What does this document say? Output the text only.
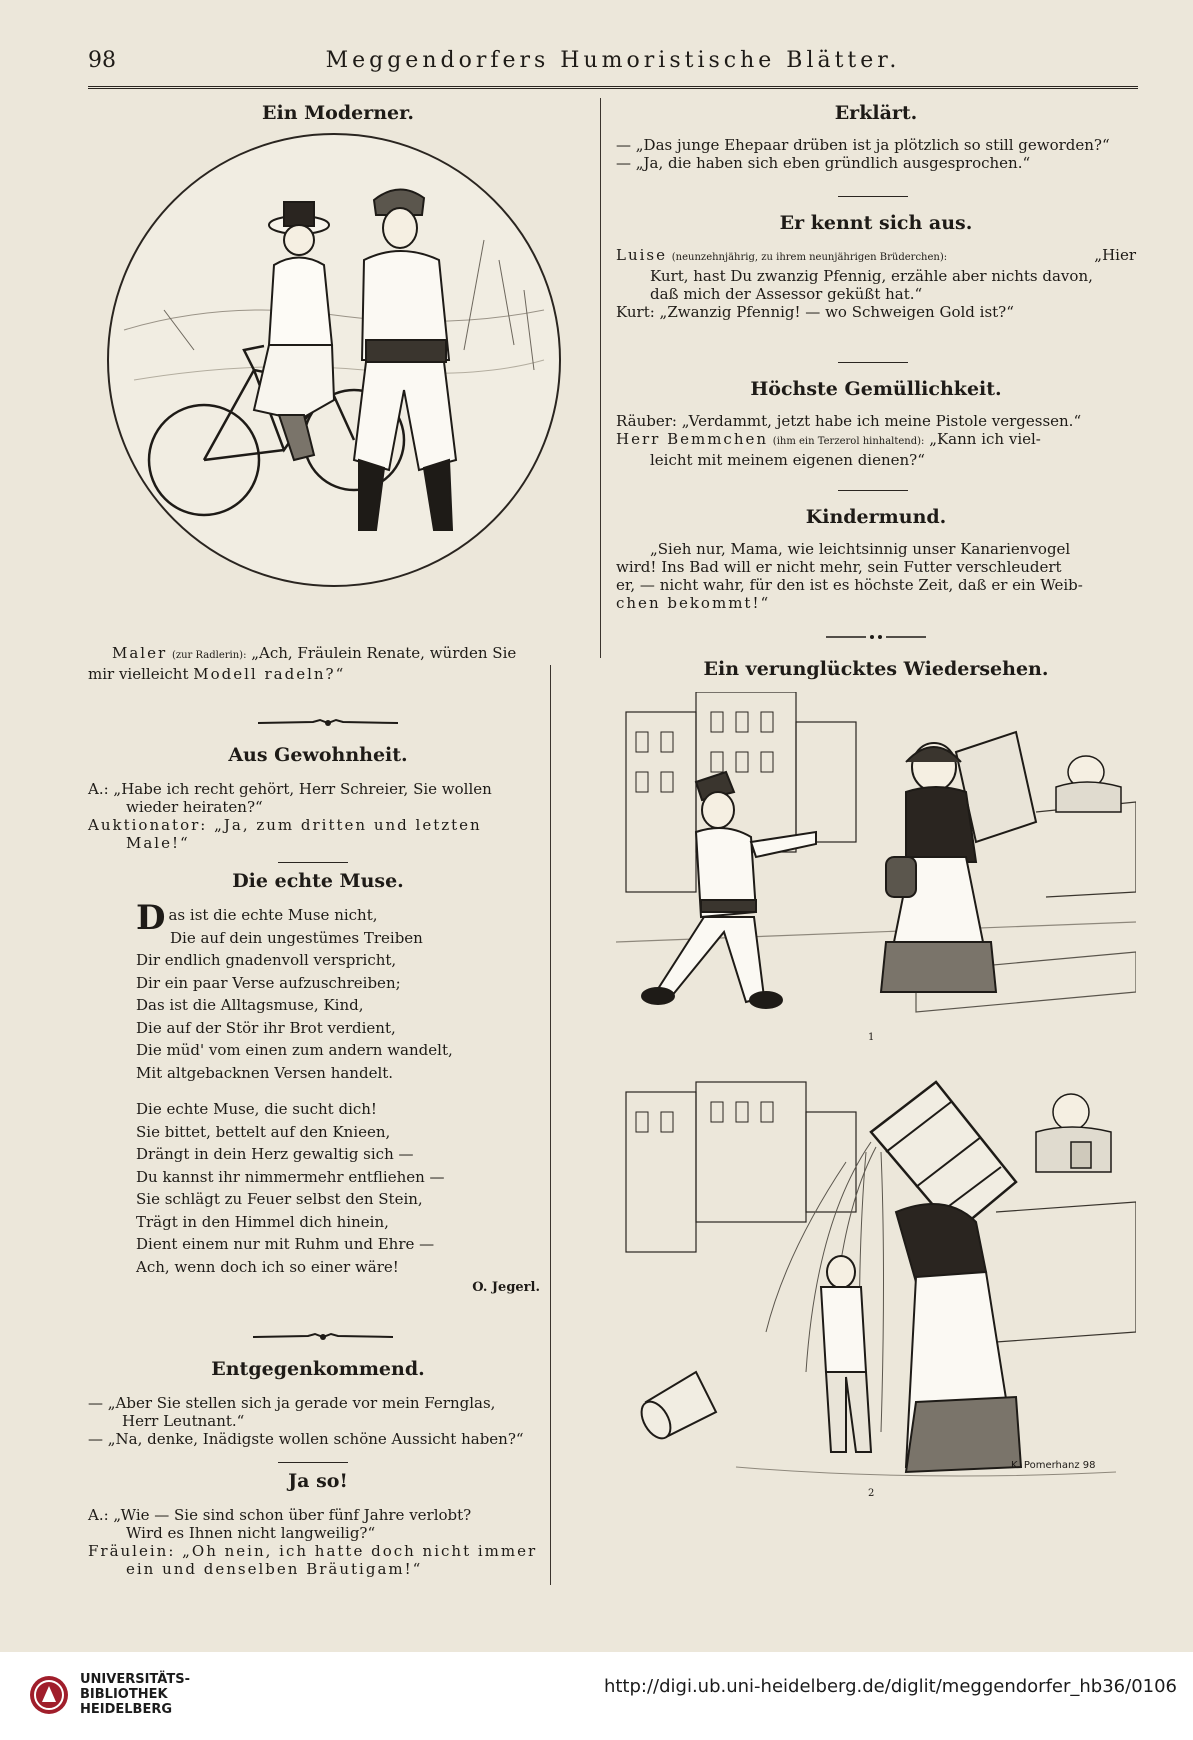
98	Meggendorfers Humoristische Blätter.
Ein Moderner.

Maler (zur Radlerin): „Ach, Fräulein Renate, würden Sie

mir vielleicht Modell radeln?“

Aus Gewohnheit.

A.: „Habe ich recht gehört, Herr Schreier, Sie wollen

wieder heiraten?“

Auktionator: „Ja, zum dritten und letzten

Male!“

Die echte Muse.
D as ist die echte Muse nicht,

Die auf dein ungestümes Treiben

Dir endlich gnadenvoll verspricht,

Dir ein paar Verse aufzuschreiben;

Das ist die Alltagsmuse, Kind,

Die auf der Stör ihr Brot verdient,

Die müd' vom einen zum andern wandelt,

Mit altgebacknen Versen handelt.

Die echte Muse, die sucht dich!

Sie bittet, bettelt auf den Knieen,

Drängt in dein Herz gewaltig sich —

Du kannst ihr nimmermehr entfliehen —

Sie schlägt zu Feuer selbst den Stein,

Trägt in den Himmel dich hinein,

Dient einem nur mit Ruhm und Ehre —

Ach, wenn doch ich so einer wäre!

O. Jegerl.

Entgegenkommend.

— „Aber Sie stellen sich ja gerade vor mein Fernglas,

Herr Leutnant.“

— „Na, denke, Inädigste wollen schöne Aussicht haben?“

Ja so!

A.: „Wie — Sie sind schon über fünf Jahre verlobt?

Wird es Ihnen nicht langweilig?“

Fräulein: „Oh nein, ich hatte doch nicht immer

ein und denselben Bräutigam!“

Erklärt.

— „Das junge Ehepaar drüben ist ja plötzlich so still geworden?“

— „Ja, die haben sich eben gründlich ausgesprochen.“

Er kennt sich aus.

Luise (neunzehnjährig, zu ihrem neunjährigen Brüderchen):	„Hier

Kurt, hast Du zwanzig Pfennig, erzähle aber nichts davon,

daß mich der Assessor geküßt hat.“

Kurt: „Zwanzig Pfennig! — wo Schweigen Gold ist?“

Höchste Gemüllichkeit.

Räuber: „Verdammt, jetzt habe ich meine Pistole vergessen.“

Herr Bemmchen (ihm ein Terzerol hinhaltend): „Kann ich viel-

leicht mit meinem eigenen dienen?“

Kindermund.

„Sieh nur, Mama, wie leichtsinnig unser Kanarienvogel

wird! Ins Bad will er nicht mehr, sein Futter verschleudert

er, — nicht wahr, für den ist es höchste Zeit, daß er ein Weib-

chen bekommt!“

Ein verunglücktes Wiedersehen.
1
K. Pomerhanz 98
2
UNIVERSITÄTS-
BIBLIOTHEK
HEIDELBERG
http://digi.ub.uni-heidelberg.de/diglit/meggendorfer_hb36/0106
